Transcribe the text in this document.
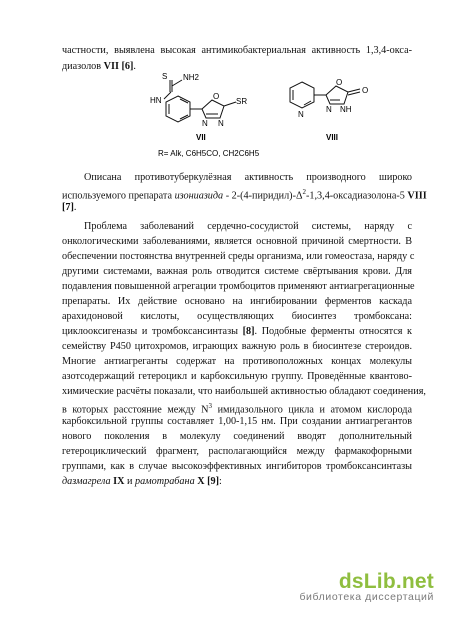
частности, выявлена высокая антимикобактериальная активность 1,3,4-окса-
диазолов VII [6].
S NH2
HN	O
SR
N N
N
O
O
N NH
VII	VIII
R= Alk, C6H5CO, CH2C6H5
Описана противотуберкулёзная активность производного широко
используемого препарата изониазида - $2-(4-пиридил)-\Delta^2-1,3,4-оксадиазолона-5$ VIII
[7].
Проблема заболеваний сердечно-сосудистой системы, наряду с
онкологическими заболеваниями, является основной причиной смертности. В
обеспечении постоянства внутренней среды организма, или гомеостаза, наряду с
другими системами, важная роль отводится системе свёртывания крови. Для
подавления повышенной агрегации тромбоцитов применяют антиагрегационные
препараты. Их действие основано на ингибировании ферментов каскада
арахидоновой кислоты, осуществляющих биосинтез тромбоксана:
циклооксигеназы и тромбоксансинтазы [8]. Подобные ферменты относятся к
семейству Р450 цитохромов, играющих важную роль в биосинтезе стероидов.
Многие антиагреганты содержат на противоположных концах молекулы
азотсодержащий гетероцикл и карбоксильную группу. Проведённые квантово-
химические расчёты показали, что наибольшей активностью обладают соединения,
в которых расстояние между $N^3$ имидазольного цикла и атомом кислорода
карбоксильной группы составляет 1,00-1,15 нм. При создании антиагрегантов
нового поколения в молекулу соединений вводят дополнительный
гетероциклический фрагмент, располагающийся между фармакофорными
группами, как в случае высокоэффективных ингибиторов тромбоксансинтазы
дазмагрела IX и рамотрабана X [9]:
dsLib.net
библиотека диссертаций
